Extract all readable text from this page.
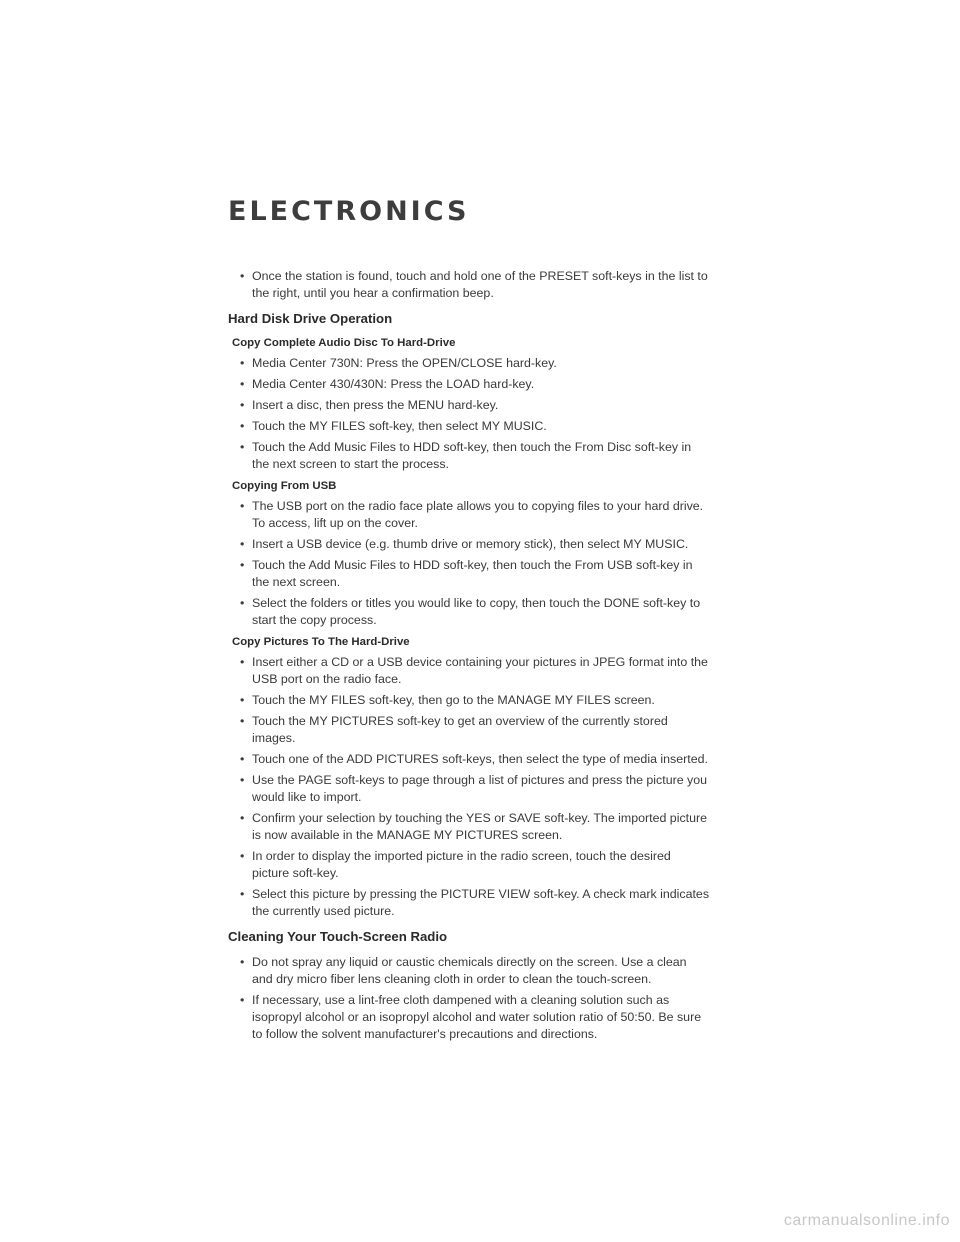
ELECTRONICS
• Once the station is found, touch and hold one of the PRESET soft-keys in the list to the right, until you hear a confirmation beep.
Hard Disk Drive Operation
Copy Complete Audio Disc To Hard-Drive
• Media Center 730N: Press the OPEN/CLOSE hard-key.
• Media Center 430/430N: Press the LOAD hard-key.
• Insert a disc, then press the MENU hard-key.
• Touch the MY FILES soft-key, then select MY MUSIC.
• Touch the Add Music Files to HDD soft-key, then touch the From Disc soft-key in the next screen to start the process.
Copying From USB
• The USB port on the radio face plate allows you to copying files to your hard drive. To access, lift up on the cover.
• Insert a USB device (e.g. thumb drive or memory stick), then select MY MUSIC.
• Touch the Add Music Files to HDD soft-key, then touch the From USB soft-key in the next screen.
• Select the folders or titles you would like to copy, then touch the DONE soft-key to start the copy process.
Copy Pictures To The Hard-Drive
• Insert either a CD or a USB device containing your pictures in JPEG format into the USB port on the radio face.
• Touch the MY FILES soft-key, then go to the MANAGE MY FILES screen.
• Touch the MY PICTURES soft-key to get an overview of the currently stored images.
• Touch one of the ADD PICTURES soft-keys, then select the type of media inserted.
• Use the PAGE soft-keys to page through a list of pictures and press the picture you would like to import.
• Confirm your selection by touching the YES or SAVE soft-key. The imported picture is now available in the MANAGE MY PICTURES screen.
• In order to display the imported picture in the radio screen, touch the desired picture soft-key.
• Select this picture by pressing the PICTURE VIEW soft-key. A check mark indicates the currently used picture.
Cleaning Your Touch-Screen Radio
• Do not spray any liquid or caustic chemicals directly on the screen. Use a clean and dry micro fiber lens cleaning cloth in order to clean the touch-screen.
• If necessary, use a lint-free cloth dampened with a cleaning solution such as isopropyl alcohol or an isopropyl alcohol and water solution ratio of 50:50. Be sure to follow the solvent manufacturer's precautions and directions.
carmanualsonline.info
